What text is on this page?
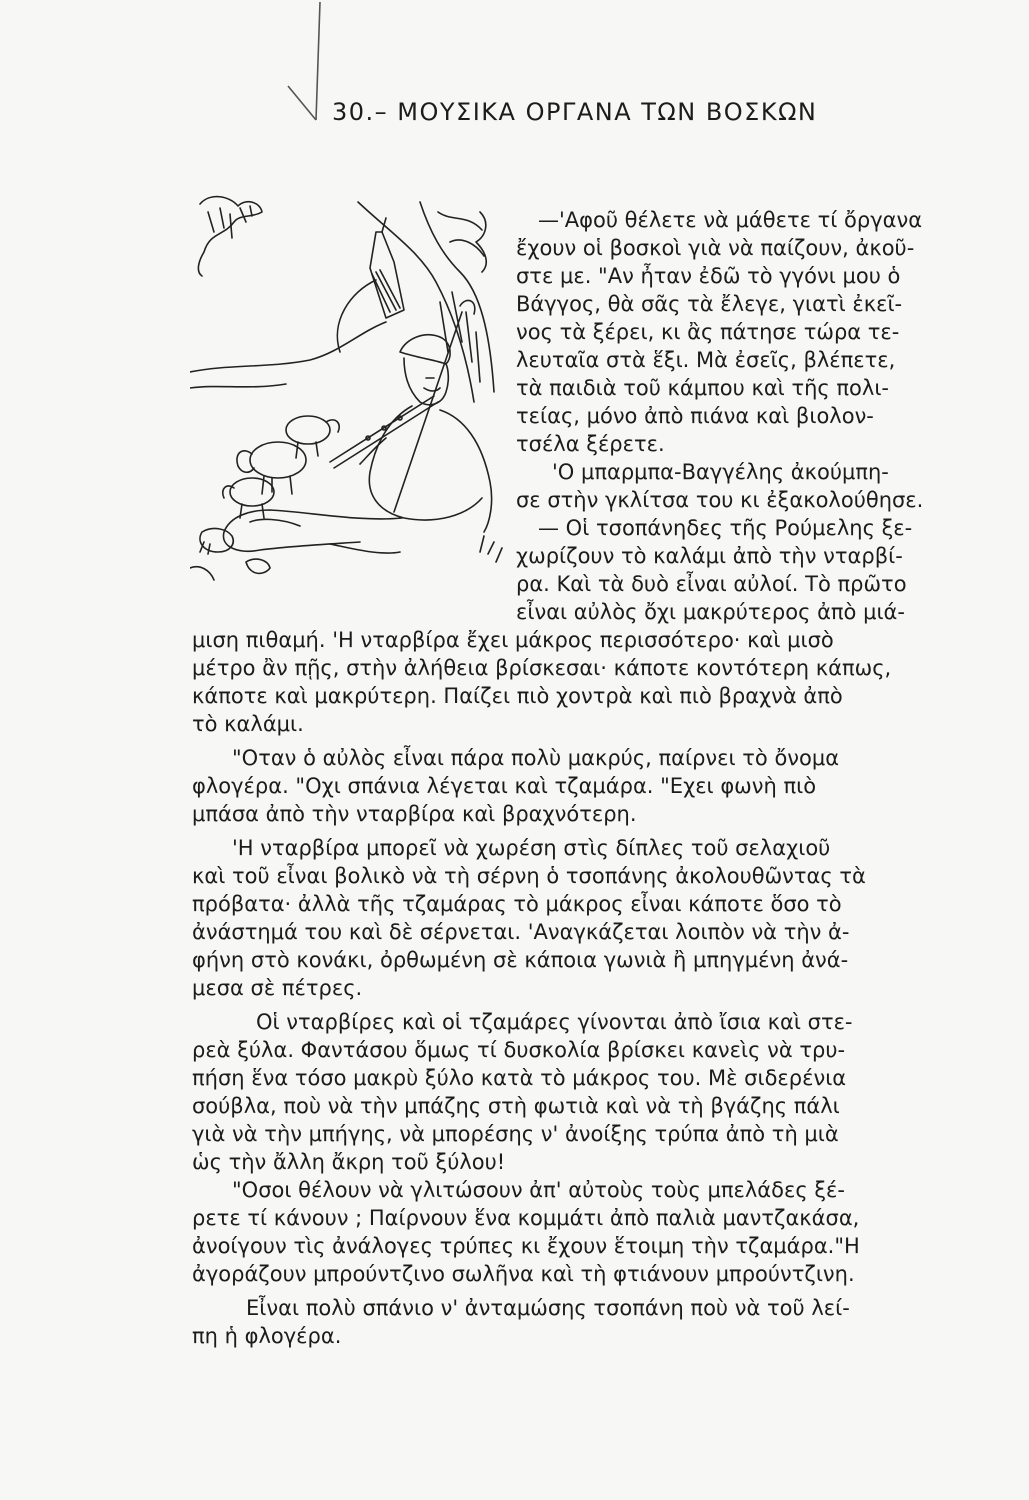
30.– ΜΟΥΣΙΚΑ ΟΡΓΑΝΑ ΤΩΝ ΒΟΣΚΩΝ
—'Αφοῦ θέλετε νὰ μάθετε τί ὄργανα
ἔχουν οἱ βοσκοὶ γιὰ νὰ παίζουν, ἀκοῦ-
στε με. "Αν ἦταν ἐδῶ τὸ γγόνι μου ὁ
Βάγγος, θὰ σᾶς τὰ ἔλεγε, γιατὶ ἐκεῖ-
νος τὰ ξέρει, κι ἂς πάτησε τώρα τε-
λευταῖα στὰ ἕξι. Μὰ ἐσεῖς, βλέπετε,
τὰ παιδιὰ τοῦ κάμπου καὶ τῆς πολι-
τείας, μόνο ἀπὸ πιάνα καὶ βιολον-
τσέλα ξέρετε.
'Ο μπαρμπα-Βαγγέλης ἀκούμπη-
σε στὴν γκλίτσα του κι ἐξακολούθησε.
— Οἱ τσοπάνηδες τῆς Ρούμελης ξε-
χωρίζουν τὸ καλάμι ἀπὸ τὴν νταρβί-
ρα. Καὶ τὰ δυὸ εἶναι αὐλοί. Τὸ πρῶτο
εἶναι αὐλὸς ὄχι μακρύτερος ἀπὸ μιά-
μιση πιθαμή. 'Η νταρβίρα ἔχει μάκρος περισσότερο· καὶ μισὸ
μέτρο ἂν πῇς, στὴν ἀλήθεια βρίσκεσαι· κάποτε κοντότερη κάπως,
κάποτε καὶ μακρύτερη. Παίζει πιὸ χοντρὰ καὶ πιὸ βραχνὰ ἀπὸ
τὸ καλάμι.
"Οταν ὁ αὐλὸς εἶναι πάρα πολὺ μακρύς, παίρνει τὸ ὄνομα
φλογέρα. "Οχι σπάνια λέγεται καὶ τζαμάρα. "Εχει φωνὴ πιὸ
μπάσα ἀπὸ τὴν νταρβίρα καὶ βραχνότερη.
'Η νταρβίρα μπορεῖ νὰ χωρέση στὶς δίπλες τοῦ σελαχιοῦ
καὶ τοῦ εἶναι βολικὸ νὰ τὴ σέρνη ὁ τσοπάνης ἀκολουθῶντας τὰ
πρόβατα· ἀλλὰ τῆς τζαμάρας τὸ μάκρος εἶναι κάποτε ὅσο τὸ
ἀνάστημά του καὶ δὲ σέρνεται. 'Αναγκάζεται λοιπὸν νὰ τὴν ἀ-
φήνη στὸ κονάκι, ὀρθωμένη σὲ κάποια γωνιὰ ἢ μπηγμένη ἀνά-
μεσα σὲ πέτρες.
Οἱ νταρβίρες καὶ οἱ τζαμάρες γίνονται ἀπὸ ἴσια καὶ στε-
ρεὰ ξύλα. Φαντάσου ὅμως τί δυσκολία βρίσκει κανεὶς νὰ τρυ-
πήση ἕνα τόσο μακρὺ ξύλο κατὰ τὸ μάκρος του. Μὲ σιδερένια
σούβλα, ποὺ νὰ τὴν μπάζης στὴ φωτιὰ καὶ νὰ τὴ βγάζης πάλι
γιὰ νὰ τὴν μπήγης, νὰ μπορέσης ν' ἀνοίξης τρύπα ἀπὸ τὴ μιὰ
ὡς τὴν ἄλλη ἄκρη τοῦ ξύλου!
"Οσοι θέλουν νὰ γλιτώσουν ἀπ' αὐτοὺς τοὺς μπελάδες ξέ-
ρετε τί κάνουν ; Παίρνουν ἕνα κομμάτι ἀπὸ παλιὰ μαντζακάσα,
ἀνοίγουν τὶς ἀνάλογες τρύπες κι ἔχουν ἕτοιμη τὴν τζαμάρα."Η
ἀγοράζουν μπρούντζινο σωλῆνα καὶ τὴ φτιάνουν μπρούντζινη.
Εἶναι πολὺ σπάνιο ν' ἀνταμώσης τσοπάνη ποὺ νὰ τοῦ λεί-
πη ἡ φλογέρα.
